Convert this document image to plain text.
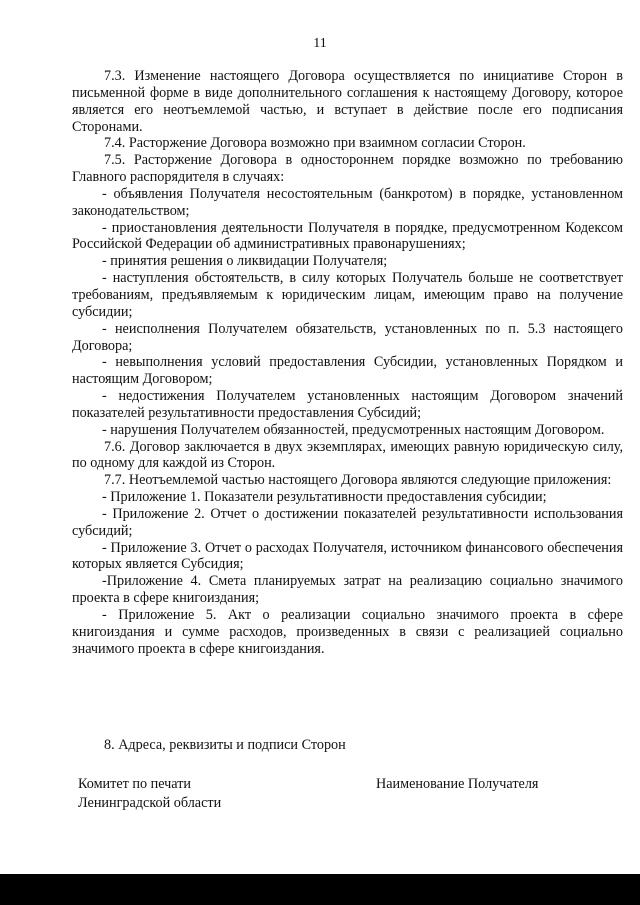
11

7.3. Изменение настоящего Договора осуществляется по инициативе Сторон в письменной форме в виде дополнительного соглашения к настоящему Договору, которое является его неотъемлемой частью, и вступает в действие после его подписания Сторонами.

7.4. Расторжение Договора возможно при взаимном согласии Сторон.

7.5. Расторжение Договора в одностороннем порядке возможно по требованию Главного распорядителя в случаях:

- объявления Получателя несостоятельным (банкротом) в порядке, установленном законодательством;

- приостановления деятельности Получателя в порядке, предусмотренном Кодексом Российской Федерации об административных правонарушениях;

- принятия решения о ликвидации Получателя;

- наступления обстоятельств, в силу которых Получатель больше не соответствует требованиям, предъявляемым к юридическим лицам, имеющим право на получение субсидии;

- неисполнения Получателем обязательств, установленных по п. 5.3 настоящего Договора;

- невыполнения условий предоставления Субсидии, установленных Порядком и настоящим Договором;

- недостижения Получателем установленных настоящим Договором значений показателей результативности предоставления Субсидий;

- нарушения Получателем обязанностей, предусмотренных настоящим Договором.

7.6. Договор заключается в двух экземплярах, имеющих равную юридическую силу, по одному для каждой из Сторон.

7.7. Неотъемлемой частью настоящего Договора являются следующие приложения:

- Приложение 1. Показатели результативности предоставления субсидии;

- Приложение 2. Отчет о достижении показателей результативности использования субсидий;

- Приложение 3. Отчет о расходах Получателя, источником финансового обеспечения которых является Субсидия;

-Приложение 4. Смета планируемых затрат на реализацию социально значимого проекта в сфере книгоиздания;

- Приложение 5. Акт о реализации социально значимого проекта в сфере книгоиздания и сумме расходов, произведенных в связи с реализацией социально значимого проекта в сфере книгоиздания.

8. Адреса, реквизиты и подписи Сторон
Комитет по печати
Ленинградской области
Наименование Получателя
